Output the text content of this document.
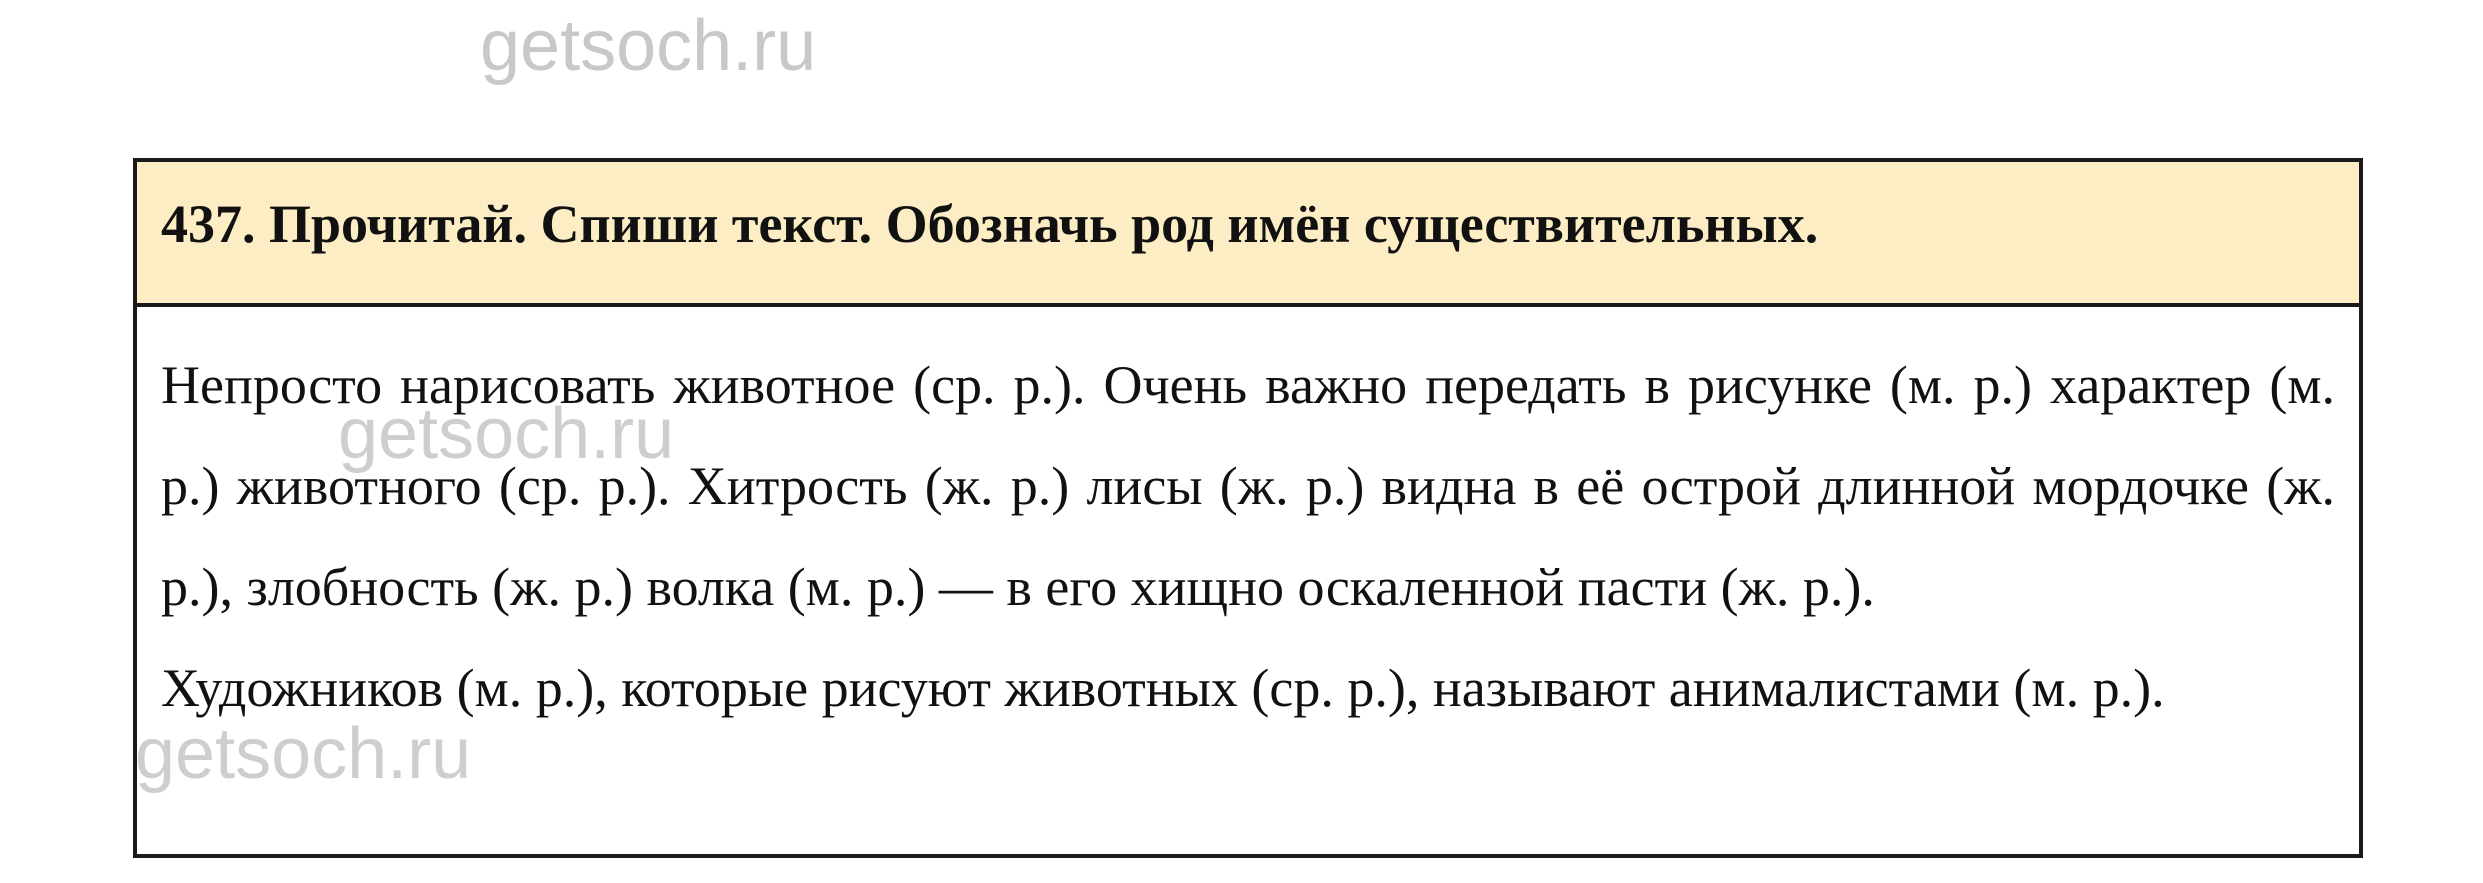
getsoch.ru
437. Прочитай. Спиши текст. Обозначь род имён существительных.

Непросто нарисовать животное (ср. р.). Очень важно передать в рисунке (м. р.) характер (м. р.) животного (ср. р.). Хитрость (ж. р.) лисы (ж. р.) видна в её острой длинной мордочке (ж. р.), злобность (ж. р.) волка (м. р.) — в его хищно оскаленной пасти (ж. р.).

Художников (м. р.), которые рисуют животных (ср. р.), называют анималистами (м. р.).

getsoch.ru
getsoch.ru
